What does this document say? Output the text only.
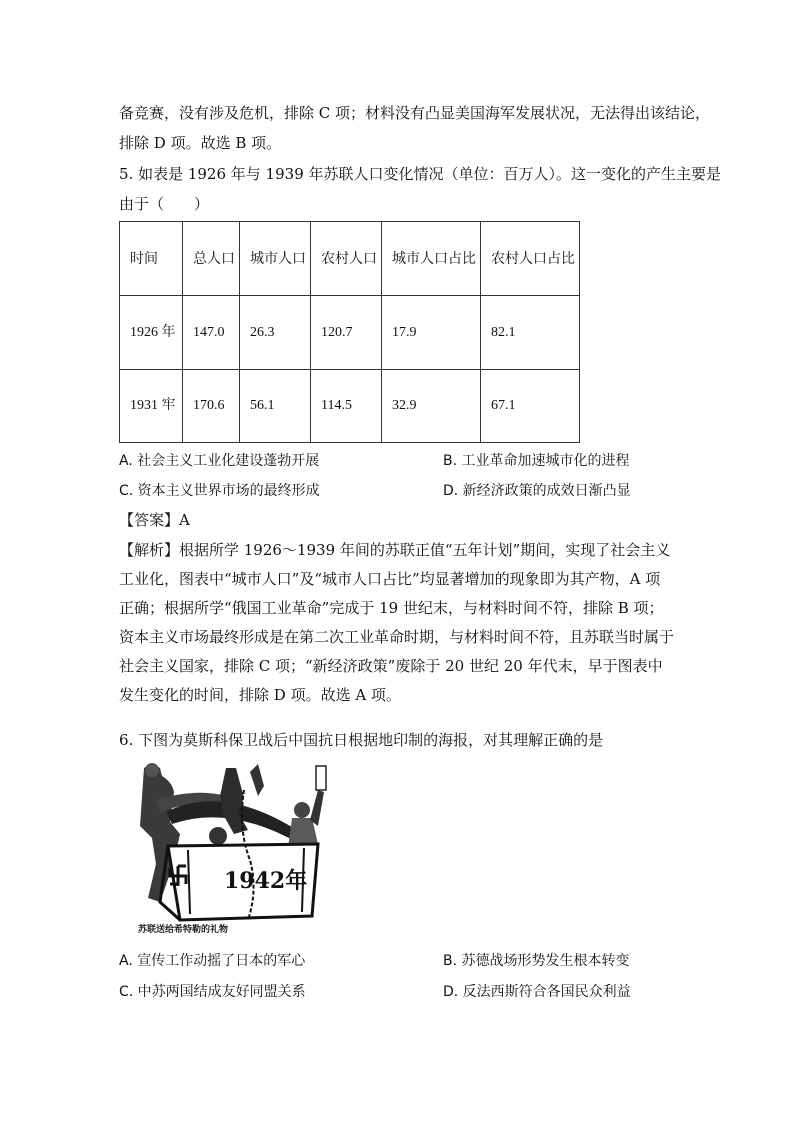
备竞赛，没有涉及危机，排除 C 项；材料没有凸显美国海军发展状况，无法得出该结论，
排除 D 项。故选 B 项。
5. 如表是 1926 年与 1939 年苏联人口变化情况（单位：百万人）。这一变化的产生主要是
由于（　　）
时间	总人口	城市人口	农村人口	城市人口占比	农村人口占比
1926 年	147.0	26.3	120.7	17.9	82.1
1931 牢	170.6	56.1	114.5	32.9	67.1
A. 社会主义工业化建设蓬勃开展	B. 工业革命加速城市化的进程
C. 资本主义世界市场的最终形成	D. 新经济政策的成效日渐凸显
【答案】A
【解析】根据所学 1926～1939 年间的苏联正值“五年计划”期间，实现了社会主义工业化，图表中“城市人口”及“城市人口占比”均显著增加的现象即为其产物，A 项正确；根据所学“俄国工业革命”完成于 19 世纪末，与材料时间不符，排除 B 项；资本主义市场最终形成是在第二次工业革命时期，与材料时间不符，且苏联当时属于社会主义国家，排除 C 项；“新经济政策”废除于 20 世纪 20 年代末，早于图表中发生变化的时间，排除 D 项。故选 A 项。
6. 下图为莫斯科保卫战后中国抗日根据地印制的海报，对其理解正确的是
1942年
苏联送给希特勒的礼物
A. 宣传工作动摇了日本的军心	B. 苏德战场形势发生根本转变
C. 中苏两国结成友好同盟关系	D. 反法西斯符合各国民众利益
